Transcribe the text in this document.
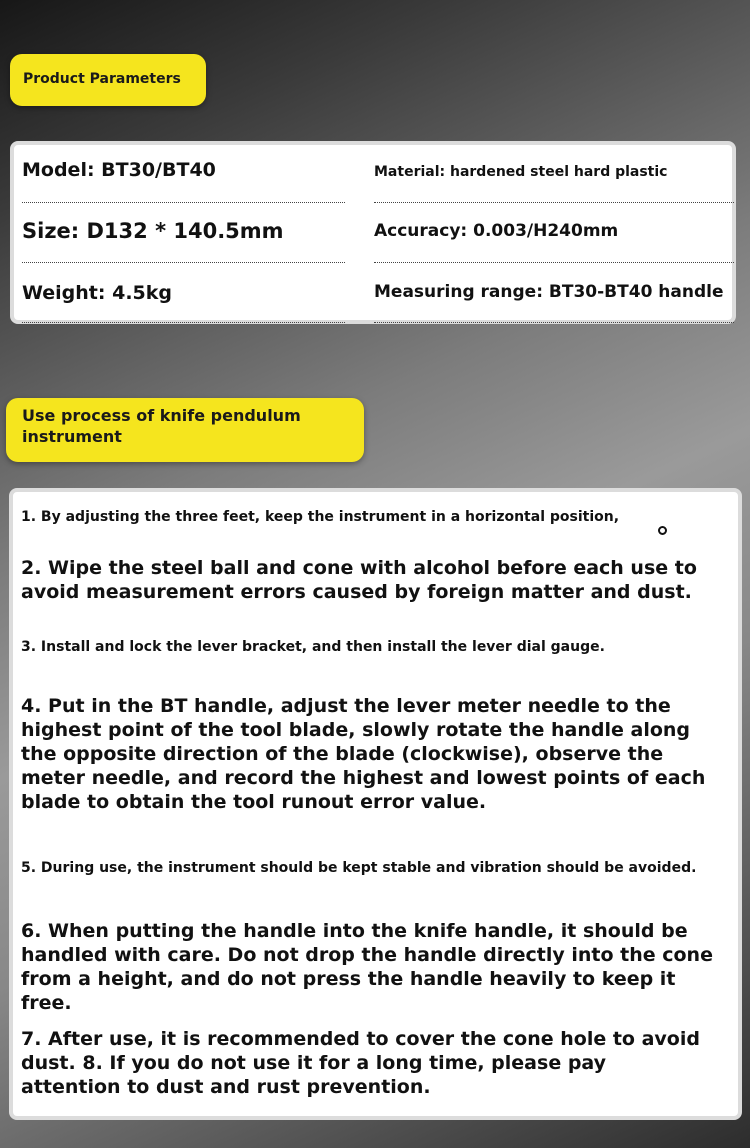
Product Parameters
Model: BT30/BT40	Material: hardened steel hard plastic
Size: D132 * 140.5mm	Accuracy: 0.003/H240mm
Weight: 4.5kg	Measuring range: BT30-BT40 handle
Use process of knife pendulum instrument
1. By adjusting the three feet, keep the instrument in a horizontal position,
2. Wipe the steel ball and cone with alcohol before each use to avoid measurement errors caused by foreign matter and dust.
3. Install and lock the lever bracket, and then install the lever dial gauge.
4. Put in the BT handle, adjust the lever meter needle to the highest point of the tool blade, slowly rotate the handle along the opposite direction of the blade (clockwise), observe the meter needle, and record the highest and lowest points of each blade to obtain the tool runout error value.
5. During use, the instrument should be kept stable and vibration should be avoided.
6. When putting the handle into the knife handle, it should be handled with care. Do not drop the handle directly into the cone from a height, and do not press the handle heavily to keep it free.
7. After use, it is recommended to cover the cone hole to avoid dust. 8. If you do not use it for a long time, please pay attention to dust and rust prevention.
